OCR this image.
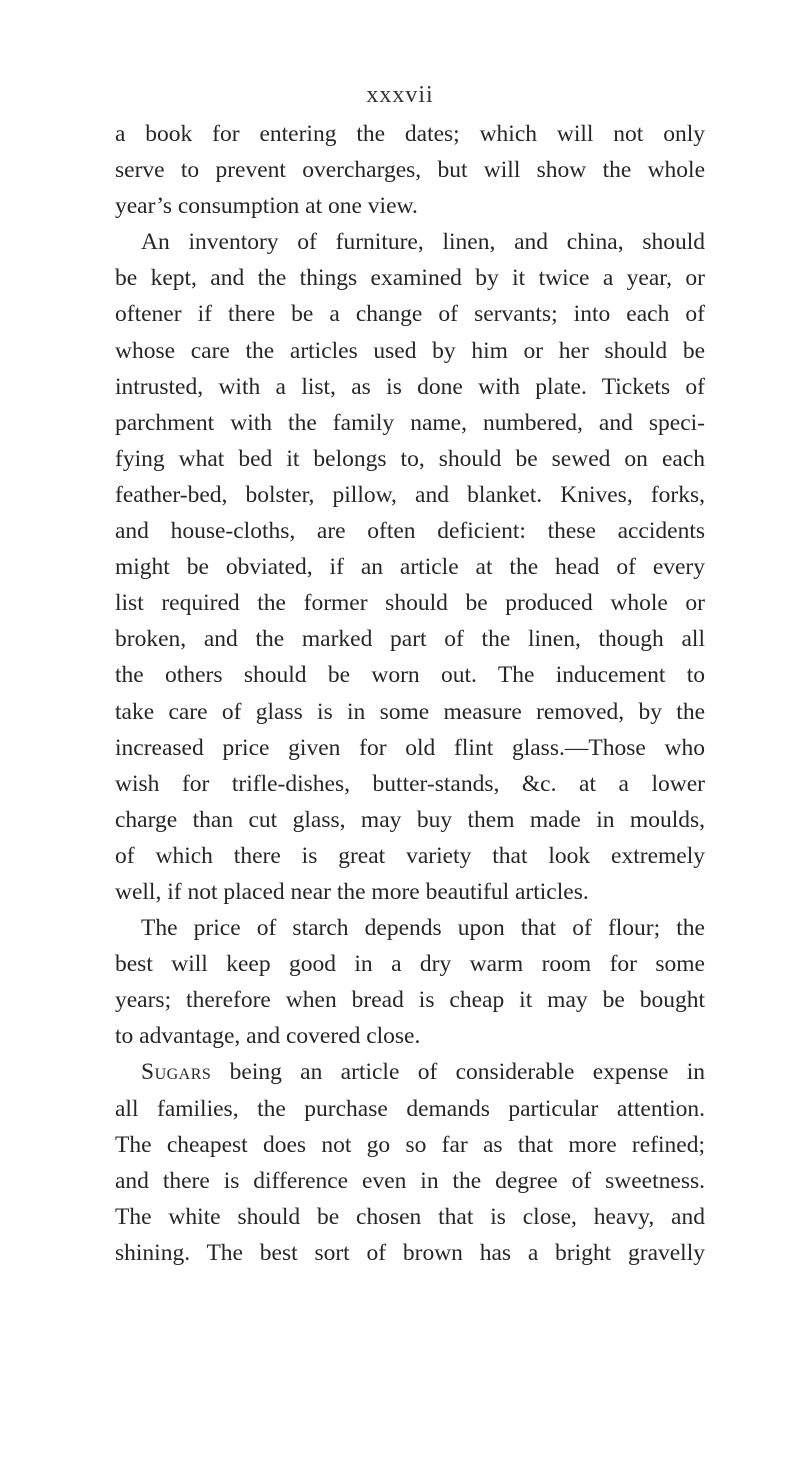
xxxvii
a book for entering the dates; which will not only
serve to prevent overcharges, but will show the whole
year’s consumption at one view.
An inventory of furniture, linen, and china, should
be kept, and the things examined by it twice a year, or
oftener if there be a change of servants; into each of
whose care the articles used by him or her should be
intrusted, with a list, as is done with plate. Tickets of
parchment with the family name, numbered, and speci-
fying what bed it belongs to, should be sewed on each
feather-bed, bolster, pillow, and blanket. Knives, forks,
and house-cloths, are often deficient: these accidents
might be obviated, if an article at the head of every
list required the former should be produced whole or
broken, and the marked part of the linen, though all
the others should be worn out. The inducement to
take care of glass is in some measure removed, by the
increased price given for old flint glass.—Those who
wish for trifle-dishes, butter-stands, &c. at a lower
charge than cut glass, may buy them made in moulds,
of which there is great variety that look extremely
well, if not placed near the more beautiful articles.
The price of starch depends upon that of flour; the
best will keep good in a dry warm room for some
years; therefore when bread is cheap it may be bought
to advantage, and covered close.
Sugars being an article of considerable expense in
all families, the purchase demands particular attention.
The cheapest does not go so far as that more refined;
and there is difference even in the degree of sweetness.
The white should be chosen that is close, heavy, and
shining. The best sort of brown has a bright gravelly
